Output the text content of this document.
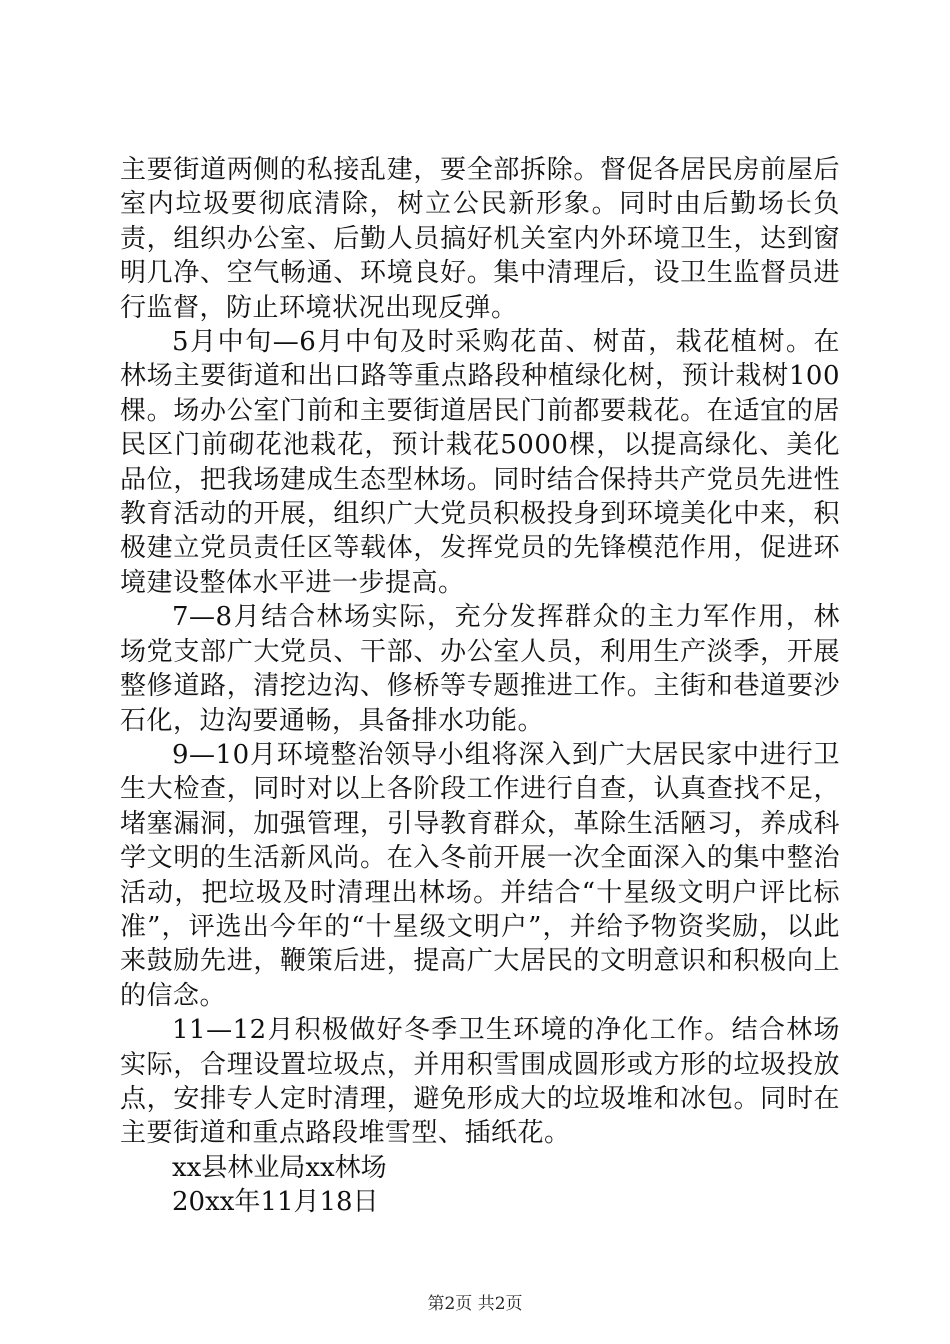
主要街道两侧的私接乱建，要全部拆除。督促各居民房前屋后室内垃圾要彻底清除，树立公民新形象。同时由后勤场长负责，组织办公室、后勤人员搞好机关室内外环境卫生，达到窗明几净、空气畅通、环境良好。集中清理后，设卫生监督员进行监督，防止环境状况出现反弹。

5月中旬—6月中旬及时采购花苗、树苗，栽花植树。在林场主要街道和出口路等重点路段种植绿化树，预计栽树100棵。场办公室门前和主要街道居民门前都要栽花。在适宜的居民区门前砌花池栽花，预计栽花5000棵，以提高绿化、美化品位，把我场建成生态型林场。同时结合保持共产党员先进性教育活动的开展，组织广大党员积极投身到环境美化中来，积极建立党员责任区等载体，发挥党员的先锋模范作用，促进环境建设整体水平进一步提高。

7—8月结合林场实际，充分发挥群众的主力军作用，林场党支部广大党员、干部、办公室人员，利用生产淡季，开展整修道路，清挖边沟、修桥等专题推进工作。主街和巷道要沙石化，边沟要通畅，具备排水功能。

9—10月环境整治领导小组将深入到广大居民家中进行卫生大检查，同时对以上各阶段工作进行自查，认真查找不足，堵塞漏洞，加强管理，引导教育群众，革除生活陋习，养成科学文明的生活新风尚。在入冬前开展一次全面深入的集中整治活动，把垃圾及时清理出林场。并结合“十星级文明户评比标准”，评选出今年的“十星级文明户”，并给予物资奖励，以此来鼓励先进，鞭策后进，提高广大居民的文明意识和积极向上的信念。

11—12月积极做好冬季卫生环境的净化工作。结合林场实际，合理设置垃圾点，并用积雪围成圆形或方形的垃圾投放点，安排专人定时清理，避免形成大的垃圾堆和冰包。同时在主要街道和重点路段堆雪型、插纸花。

xx县林业局xx林场

20xx年11月18日

第2页 共2页
